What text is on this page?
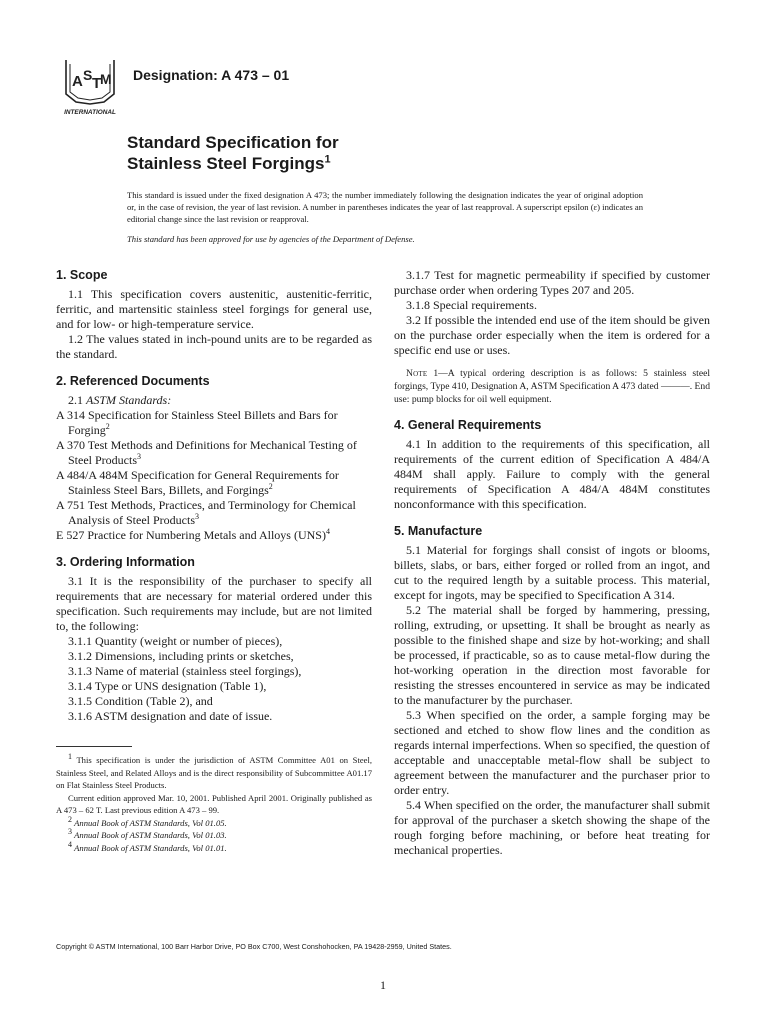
A S T
M
INTERNATIONAL
Designation: A 473 – 01
Standard Specification for
Stainless Steel Forgings$^1$
This standard is issued under the fixed designation A 473; the number immediately following the designation indicates the year of original adoption or, in the case of revision, the year of last revision. A number in parentheses indicates the year of last reapproval. A superscript epsilon (ε) indicates an editorial change since the last revision or reapproval.
This standard has been approved for use by agencies of the Department of Defense.
1. Scope

1.1 This specification covers austenitic, austenitic-ferritic, ferritic, and martensitic stainless steel forgings for general use, and for low- or high-temperature service.

1.2 The values stated in inch-pound units are to be regarded as the standard.

2. Referenced Documents

2.1 ASTM Standards:

A 314 Specification for Stainless Steel Billets and Bars for Forging$^2$

A 370 Test Methods and Definitions for Mechanical Testing of Steel Products$^3$

A 484/A 484M Specification for General Requirements for Stainless Steel Bars, Billets, and Forgings$^2$

A 751 Test Methods, Practices, and Terminology for Chemical Analysis of Steel Products$^3$

E 527 Practice for Numbering Metals and Alloys (UNS)$^4$

3. Ordering Information

3.1 It is the responsibility of the purchaser to specify all requirements that are necessary for material ordered under this specification. Such requirements may include, but are not limited to, the following:

3.1.1 Quantity (weight or number of pieces),

3.1.2 Dimensions, including prints or sketches,

3.1.3 Name of material (stainless steel forgings),

3.1.4 Type or UNS designation (Table 1),

3.1.5 Condition (Table 2), and

3.1.6 ASTM designation and date of issue.

3.1.7 Test for magnetic permeability if specified by customer purchase order when ordering Types 207 and 205.

3.1.8 Special requirements.

3.2 If possible the intended end use of the item should be given on the purchase order especially when the item is ordered for a specific end use or uses.

Note 1—A typical ordering description is as follows: 5 stainless steel forgings, Type 410, Designation A, ASTM Specification A 473 dated ———. End use: pump blocks for oil well equipment.

4. General Requirements

4.1 In addition to the requirements of this specification, all requirements of the current edition of Specification A 484/A 484M shall apply. Failure to comply with the general requirements of Specification A 484/A 484M constitutes nonconformance with this specification.

5. Manufacture

5.1 Material for forgings shall consist of ingots or blooms, billets, slabs, or bars, either forged or rolled from an ingot, and cut to the required length by a suitable process. This material, except for ingots, may be specified to Specification A 314.

5.2 The material shall be forged by hammering, pressing, rolling, extruding, or upsetting. It shall be brought as nearly as possible to the finished shape and size by hot-working; and shall be processed, if practicable, so as to cause metal-flow during the hot-working operation in the direction most favorable for resisting the stresses encountered in service as may be indicated to the manufacturer by the purchaser.

5.3 When specified on the order, a sample forging may be sectioned and etched to show flow lines and the condition as regards internal imperfections. When so specified, the question of acceptable and unacceptable metal-flow shall be subject to agreement between the manufacturer and the purchaser prior to order entry.

5.4 When specified on the order, the manufacturer shall submit for approval of the purchaser a sketch showing the shape of the rough forging before machining, or before heat treating for mechanical properties.

$^1$ This specification is under the jurisdiction of ASTM Committee A01 on Steel, Stainless Steel, and Related Alloys and is the direct responsibility of Subcommittee A01.17 on Flat Stainless Steel Products.

Current edition approved Mar. 10, 2001. Published April 2001. Originally published as A 473 – 62 T. Last previous edition A 473 – 99.

$^2$ Annual Book of ASTM Standards, Vol 01.05.

$^3$ Annual Book of ASTM Standards, Vol 01.03.

$^4$ Annual Book of ASTM Standards, Vol 01.01.

Copyright © ASTM International, 100 Barr Harbor Drive, PO Box C700, West Conshohocken, PA 19428-2959, United States.
1
